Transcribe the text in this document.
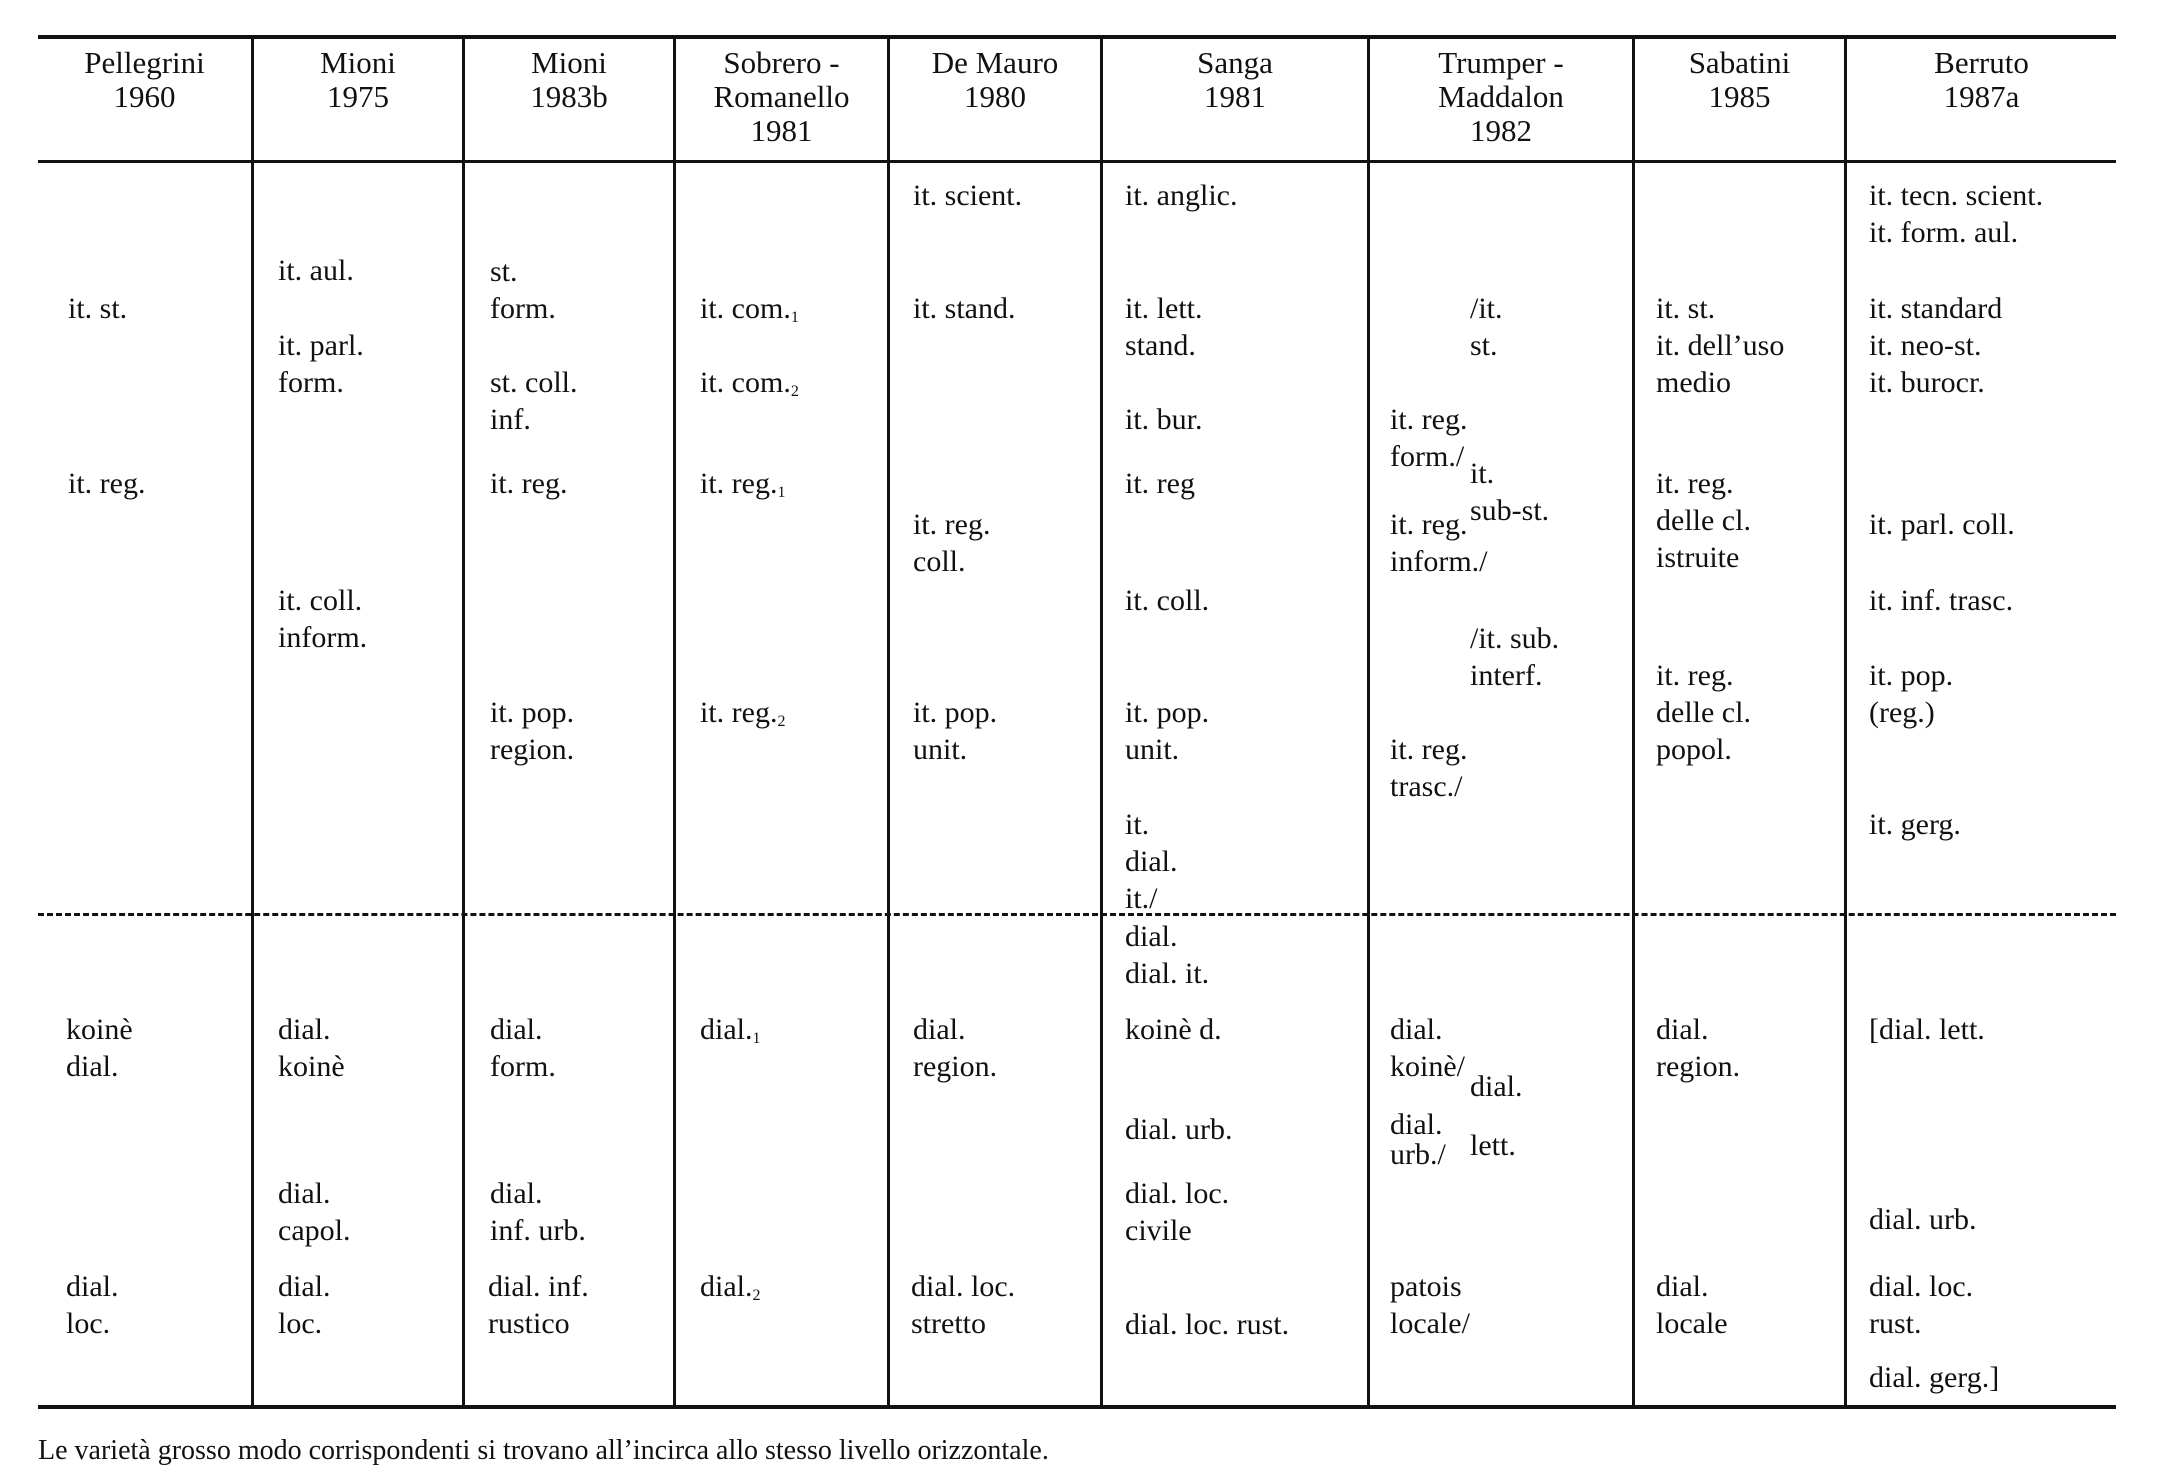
Pellegrini
1960
Mioni
1975
Mioni
1983b
Sobrero -
Romanello
1981
De Mauro
1980
Sanga
1981
Trumper -
Maddalon
1982
Sabatini
1985
Berruto
1987a
it. st.
it. reg.
koinè
dial.
dial.
loc.
it. aul.
it. parl.
form.
it. coll.
inform.
dial.
koinè
dial.
capol.
dial.
loc.
st.
form.
st. coll.
inf.
it. reg.
it. pop.
region.
dial.
form.
dial.
inf. urb.
dial. inf.
rustico
it. $com._1$
it. $com._2$
it. $reg._1$
it. $reg._2$
$dial._1$
$dial._2$
it. scient.
it. stand.
it. reg.
coll.
it. pop.
unit.
dial.
region.
dial. loc.
stretto
it. anglic.
it. lett.
stand.
it. bur.
it. reg
it. coll.
it. pop.
unit.
it.
dial.
it./
dial.
dial. it.
koinè d.
dial. urb.
dial. loc.
civile
dial. loc. rust.
/it.
st.
it. reg.
form./
it.
sub-st.
it. reg.
inform./
/it. sub.
interf.
it. reg.
trasc./
dial.
koinè/
dial.
dial.
urb./ lett.
patois
locale/
it. st.
it. dell’uso
medio
it. reg.
delle cl.
istruite
it. reg.
delle cl.
popol.
dial.
region.
dial.
locale
it. tecn. scient.
it. form. aul.
it. standard
it. neo-st.
it. burocr.
it. parl. coll.
it. inf. trasc.
it. pop.
(reg.)
it. gerg.
[dial. lett.
dial. urb.
dial. loc.
rust.
dial. gerg.]
Le varietà grosso modo corrispondenti si trovano all’incirca allo stesso livello orizzontale.
